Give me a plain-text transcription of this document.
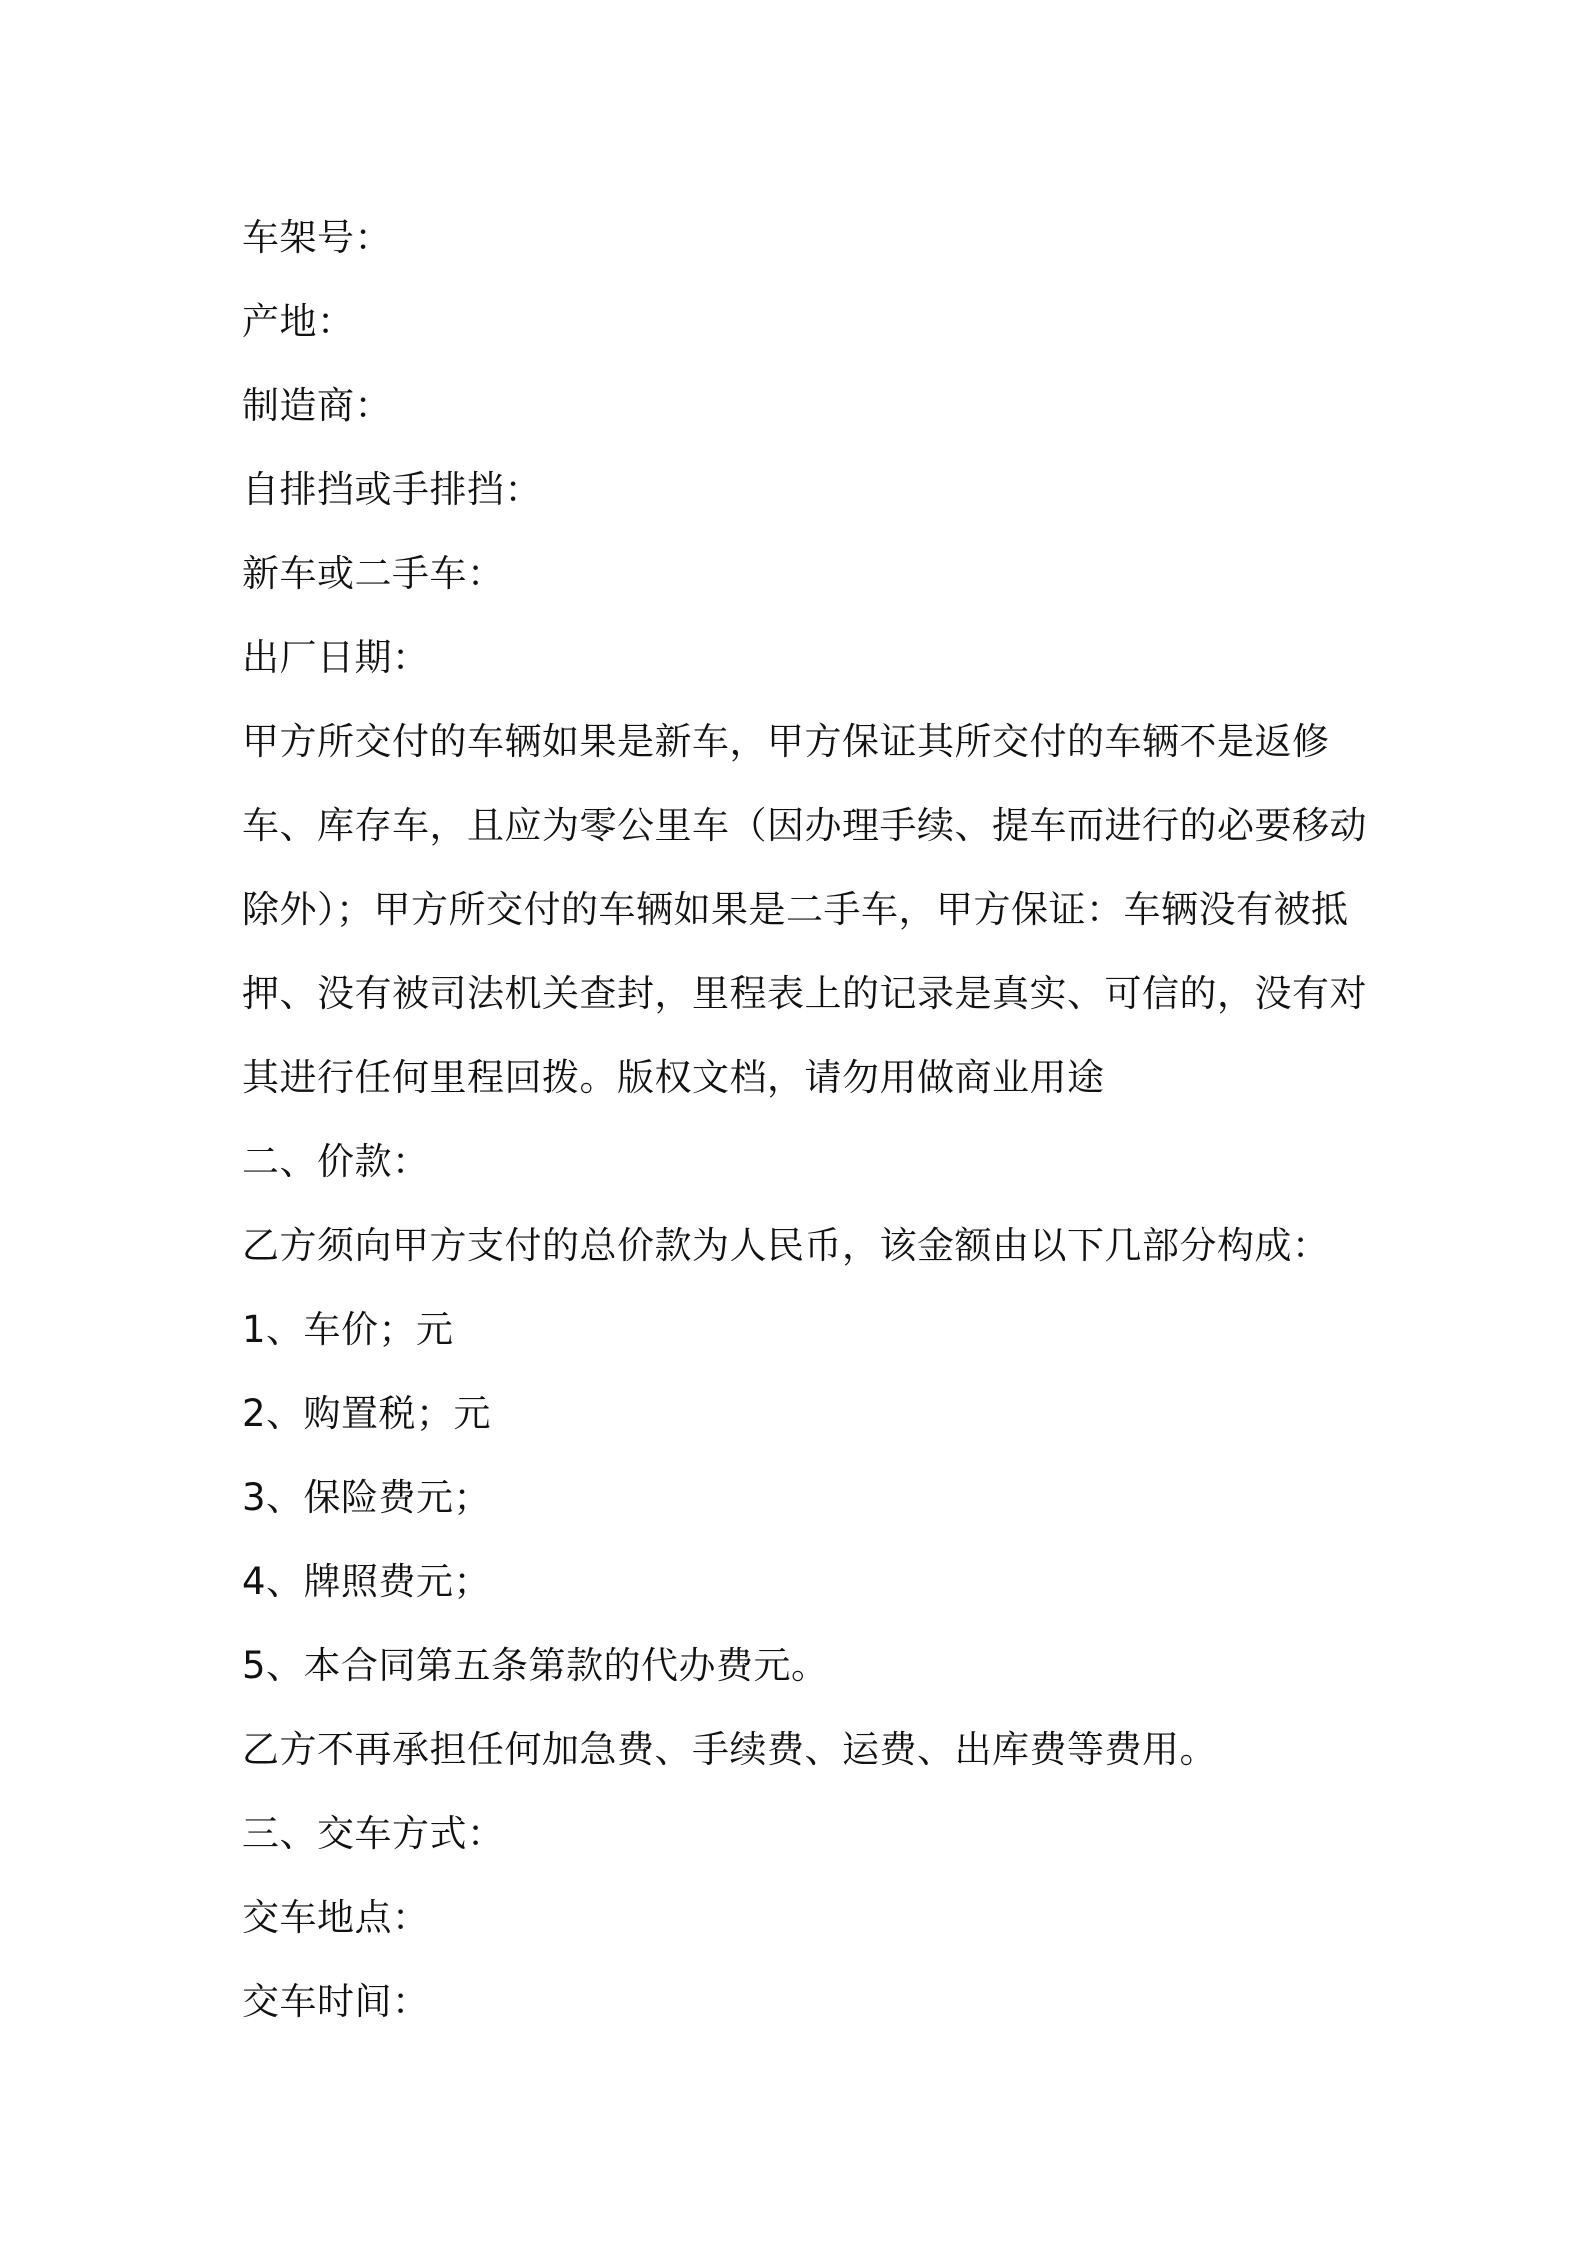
车架号：
产地：
制造商：
自排挡或手排挡：
新车或二手车：
出厂日期：
甲方所交付的车辆如果是新车，甲方保证其所交付的车辆不是返修
车、库存车，且应为零公里车（因办理手续、提车而进行的必要移动
除外）；甲方所交付的车辆如果是二手车，甲方保证：车辆没有被抵
押、没有被司法机关查封，里程表上的记录是真实、可信的，没有对
其进行任何里程回拨。版权文档，请勿用做商业用途
二、价款：
乙方须向甲方支付的总价款为人民币，该金额由以下几部分构成：
1、车价；元
2、购置税；元
3、保险费元；
4、牌照费元；
5、本合同第五条第款的代办费元。
乙方不再承担任何加急费、手续费、运费、出库费等费用。
三、交车方式：
交车地点：
交车时间：
